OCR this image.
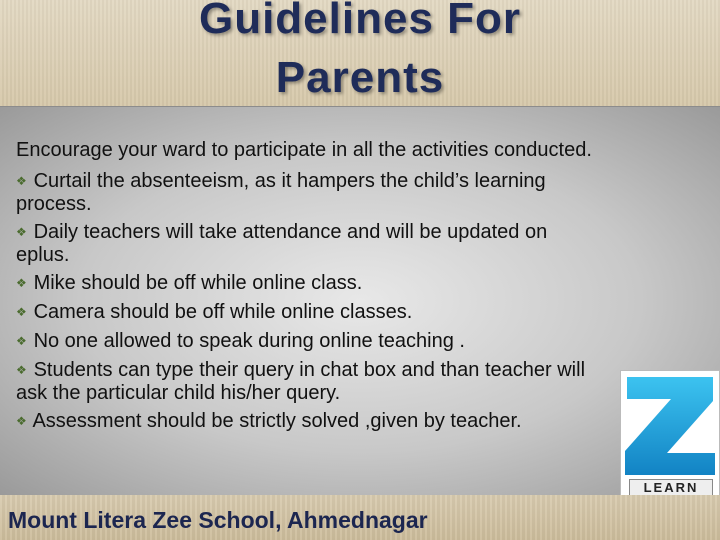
Guidelines For
Parents
Encourage your ward to participate in all the activities conducted.
❖ Curtail the absenteeism, as it hampers the child’s learning
process.
❖ Daily teachers will take attendance and will be updated on
eplus.
❖ Mike should be off while online class.
❖ Camera should be off while online classes.
❖ No one allowed to speak during online teaching .
❖ Students can type their query in chat box and than teacher will
ask the particular child his/her query.
❖ Assessment should be strictly solved ,given by teacher.
LEARN
Mount Litera Zee School, Ahmednagar
